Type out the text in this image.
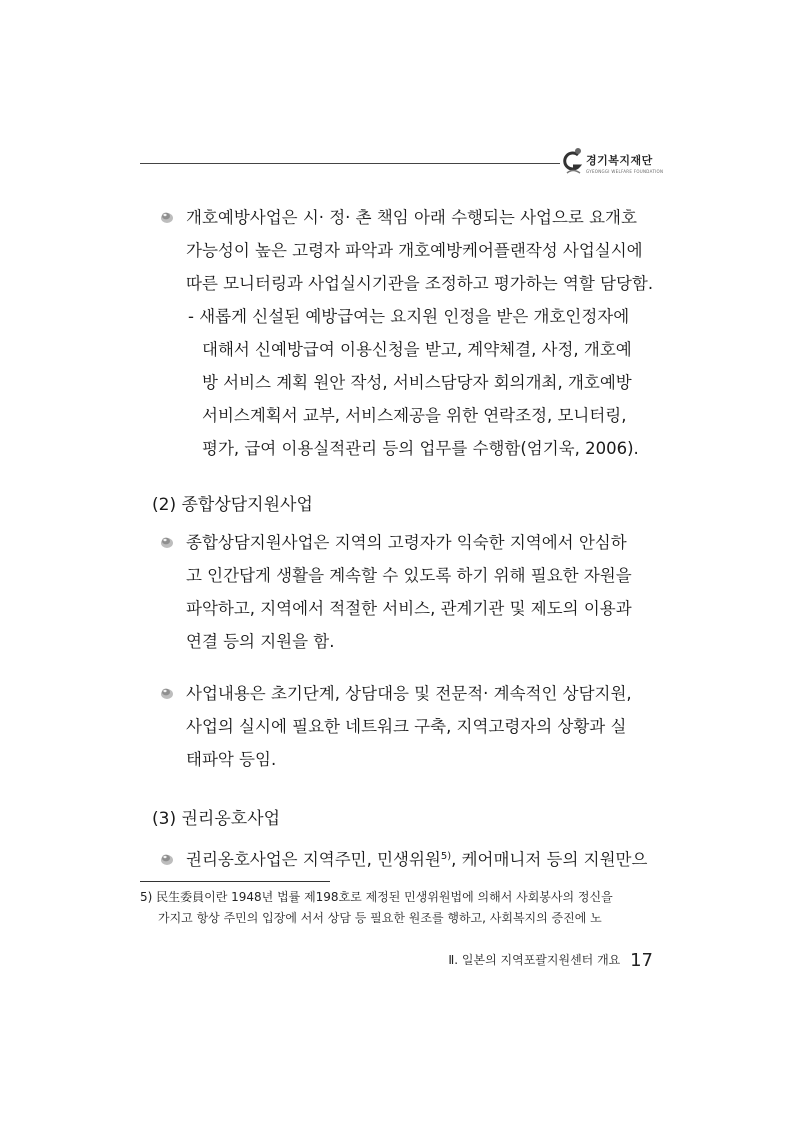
경기복지재단
GYEONGGI WELFARE FOUNDATION
개호예방사업은 시· 정· 촌 책임 아래 수행되는 사업으로 요개호
가능성이 높은 고령자 파악과 개호예방케어플랜작성 사업실시에
따른 모니터링과 사업실시기관을 조정하고 평가하는 역할 담당함.
- 새롭게 신설된 예방급여는 요지원 인정을 받은 개호인정자에
대해서 신예방급여 이용신청을 받고, 계약체결, 사정, 개호예
방 서비스 계획 원안 작성, 서비스담당자 회의개최, 개호예방
서비스계획서 교부, 서비스제공을 위한 연락조정, 모니터링,
평가, 급여 이용실적관리 등의 업무를 수행함(엄기욱, 2006).
(2) 종합상담지원사업
종합상담지원사업은 지역의 고령자가 익숙한 지역에서 안심하
고 인간답게 생활을 계속할 수 있도록 하기 위해 필요한 자원을
파악하고, 지역에서 적절한 서비스, 관계기관 및 제도의 이용과
연결 등의 지원을 함.
사업내용은 초기단계, 상담대응 및 전문적· 계속적인 상담지원,
사업의 실시에 필요한 네트워크 구축, 지역고령자의 상황과 실
태파악 등임.
(3) 권리옹호사업
권리옹호사업은 지역주민, 민생위원$^{5)}$, 케어매니저 등의 지원만으
5) 民生委員이란 1948년 법률 제198호로 제정된 민생위원법에 의해서 사회봉사의 정신을
가지고 항상 주민의 입장에 서서 상담 등 필요한 원조를 행하고, 사회복지의 증진에 노
Ⅱ. 일본의 지역포괄지원센터 개요 17
